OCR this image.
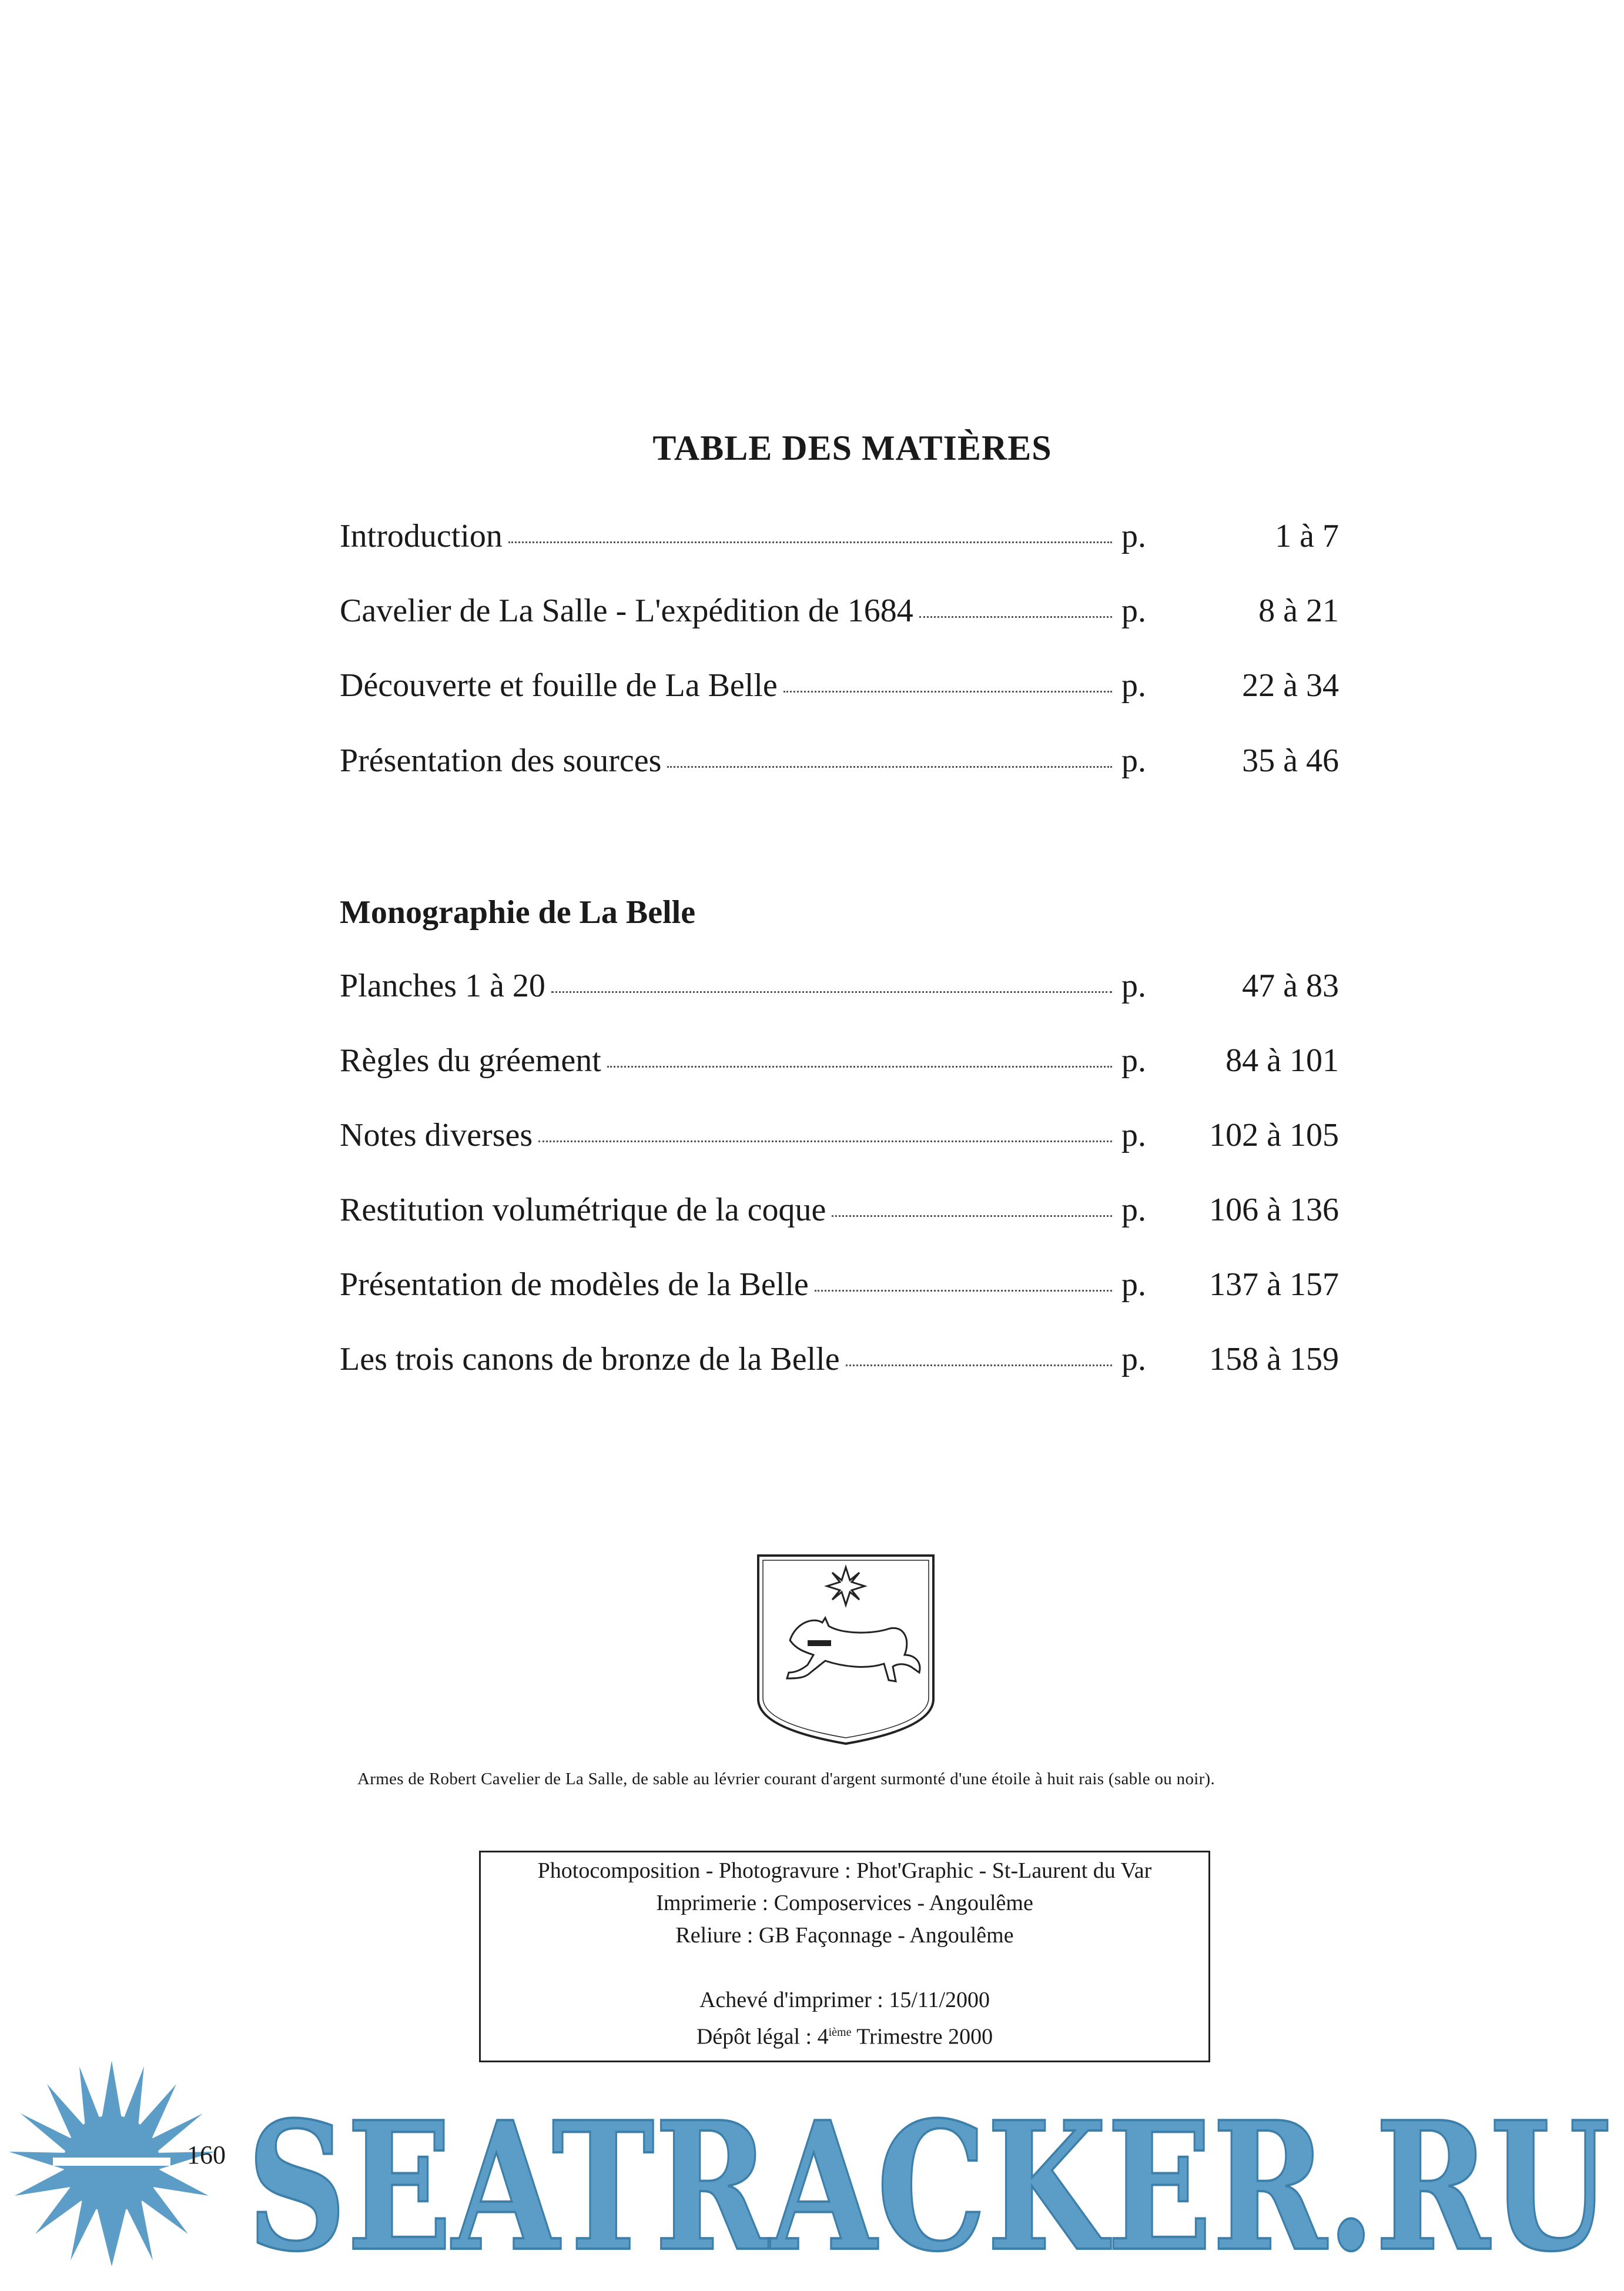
TABLE DES MATIÈRES
Introduction	p.	1 à 7
Cavelier de La Salle - L'expédition de 1684	p.	8 à 21
Découverte et fouille de La Belle	p.	22 à 34
Présentation des sources	p.	35 à 46
Monographie de La Belle
Planches 1 à 20	p.	47 à 83
Règles du gréement	p.	84 à 101
Notes diverses	p.	102 à 105
Restitution volumétrique de la coque	p.	106 à 136
Présentation de modèles de la Belle	p.	137 à 157
Les trois canons de bronze de la Belle	p.	158 à 159
Armes de Robert Cavelier de La Salle, de sable au lévrier courant d'argent surmonté d'une étoile à huit rais (sable ou noir).
Photocomposition - Photogravure : Phot'Graphic - St-Laurent du Var
Imprimerie : Composervices - Angoulême
Reliure : GB Façonnage - Angoulême
Achevé d'imprimer : 15/11/2000
Dépôt légal : 4ième Trimestre 2000
SEATRACKER.RU
160
